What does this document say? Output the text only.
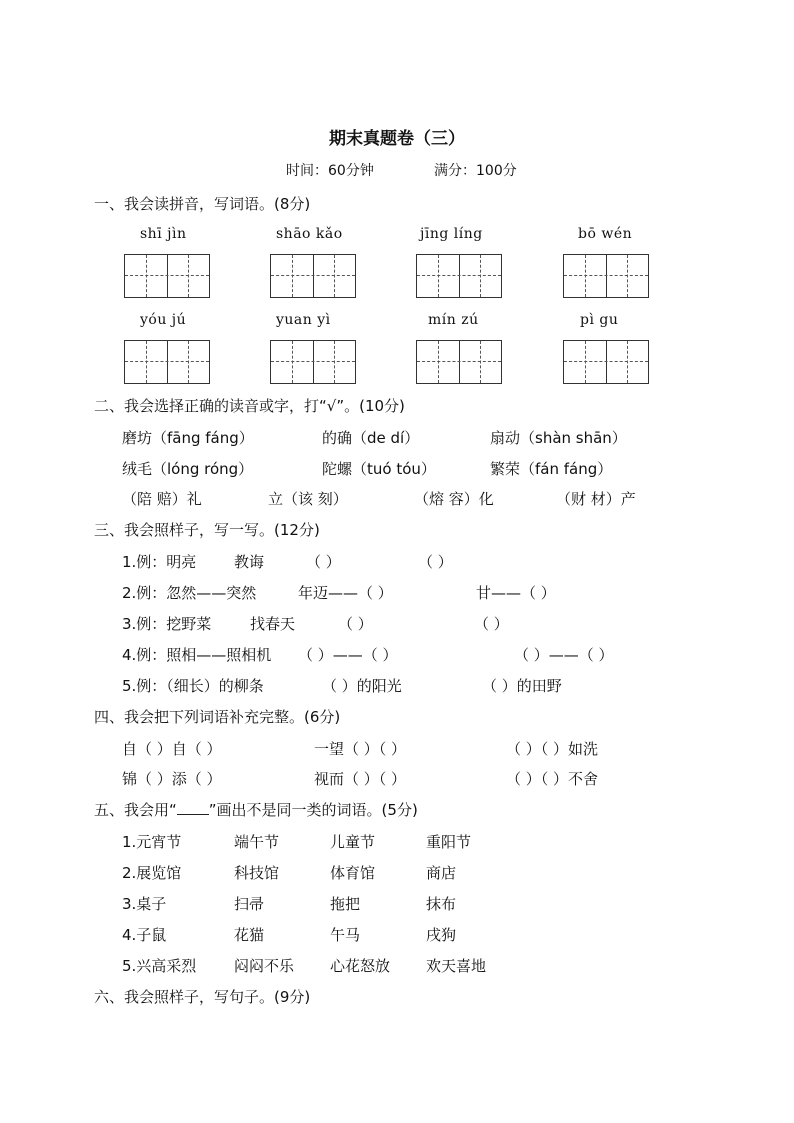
期末真题卷（三）
时间：60分钟	满分：100分
一、我会读拼音，写词语。(8分)
shī jìn	shāo kǎo	jīng líng	bō wén
yóu jú	yuan yì	mín zú	pì gu
二、我会选择正确的读音或字，打“√”。(10分)
磨坊（fāng fáng）	的确（de dí）	扇动（shàn shān）
绒毛（lóng róng）	陀螺（tuó tóu）	繁荣（fán fáng）
（陪 赔）礼	立（该 刻）	（熔 容）化	（财 材）产
三、我会照样子，写一写。(12分)
1.例：明亮	教诲	（ ）	（ ）
2.例：忽然——突然	年迈——（ ）	甘——（ ）
3.例：挖野菜	找春天	（ ）	（ ）
4.例：照相——照相机 （ ）——（ ）	（ ）——（ ）
5.例：（细长）的柳条	（ ）的阳光	（ ）的田野
四、我会把下列词语补充完整。(6分)
自（ ）自（ ）	一望（ ）（ ）	（ ）（ ）如洗
锦（ ）添（ ）	视而（ ）（ ）	（ ）（ ）不舍
五、我会用“ ”画出不是同一类的词语。(5分)
1.元宵节	端午节	儿童节	重阳节
2.展览馆	科技馆	体育馆	商店
3.桌子	扫帚	拖把	抹布
4.子鼠	花猫	午马	戌狗
5.兴高采烈	闷闷不乐 心花怒放 欢天喜地
六、我会照样子，写句子。(9分)
